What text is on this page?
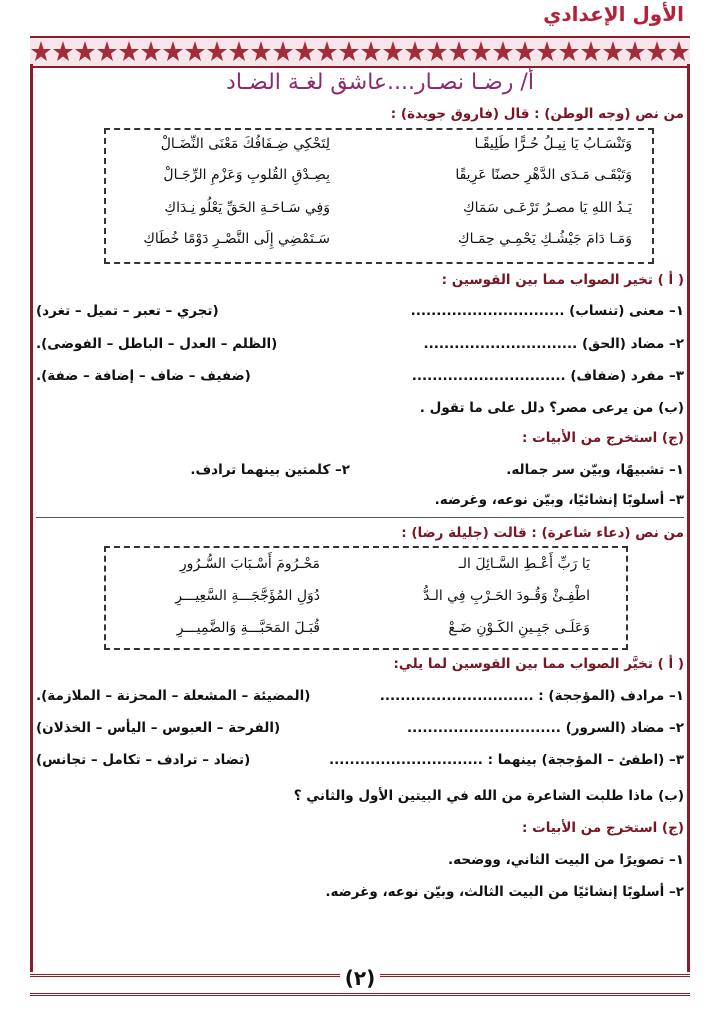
الأول الإعدادي
أ/ رضـا نصـار....عاشق لغـة الضـاد
من نص (وجه الوطن) : قال (فاروق جويدة) :
وَتَنْسَـابُ يَا نِيـلُ حُـرًّا طَلِيقًـا
لِتَحْكِي ضِـفَافُكَ مَعْنَى النِّضَـالْ
وَتَبْقَـى مَـدَى الدَّهْرِ حصنًا عَرِيقًا
بِصِـدْقِ القُلوبِ وَعَزْمِ الرِّجَـالْ
يَـدُ اللهِ يَا مصـرُ تَرْعَـى سَمَاكِ
وَفِي سَـاحَـةِ الحَقِّ يَعْلُو نِـدَاكِ
وَمَـا دَامَ جَيْشُـكِ يَحْمِـي حِمَـاكِ
سَـتَمْضِي إِلَى النَّصْـرِ دَوْمًا خُطَاكِ
( أ ) تخير الصواب مما بين القوسين :
١– معنى (تنساب) ..............................
(تجري – تعبر – تميل – تغرد)
٢– مضاد (الحق) ..............................
(الظلم – العدل – الباطل – الفوضى).
٣– مفرد (ضفاف) ..............................
(ضفيف – ضاف – إضافة – ضفة).
(ب) من يرعى مصر؟ دلل على ما تقول .
(ج) استخرج من الأبيات :
١– تشبيهًا، وبيّن سر جماله.
٢– كلمتين بينهما ترادف.
٣– أسلوبًا إنشائيًا، وبيّن نوعه، وغرضه.
من نص (دعاء شاعرة) : قالت (جليلة رضا) :
يَا رَبِّ أَعْـطِ السَّـائِلَ الـ
مَحْـرُومَ أَسْـبَابَ السُّـرُورِ
اطْفِـئْ وَقُـودَ الحَـرْبِ فِي الـدُّ
دُوَلِ المُؤَجَّجَـــةِ السَّعِيـــرِ
وَعَلَـى جَبِـينِ الكَـوْنِ ضَـعْ
قُبَـلَ المَحَبَّـــةِ وَالضَّمِيـــرِ
( أ ) تخيَّر الصواب مما بين القوسين لما يلي:
١– مرادف (المؤججة) : ..............................
(المضيئة – المشعلة – المحزنة – الملازمة).
٢– مضاد (السرور) ..............................
(الفرحة – العبوس – اليأس – الخذلان)
٣– (اطفئ – المؤججة) بينهما : ..............................
(تضاد – ترادف – تكامل – تجانس)
(ب) ماذا طلبت الشاعرة من الله في البيتين الأول والثاني ؟
(ج) استخرج من الأبيات :
١– تصويرًا من البيت الثاني، ووضحه.
٢– أسلوبًا إنشائيًا من البيت الثالث، وبيّن نوعه، وغرضه.
(٢)
